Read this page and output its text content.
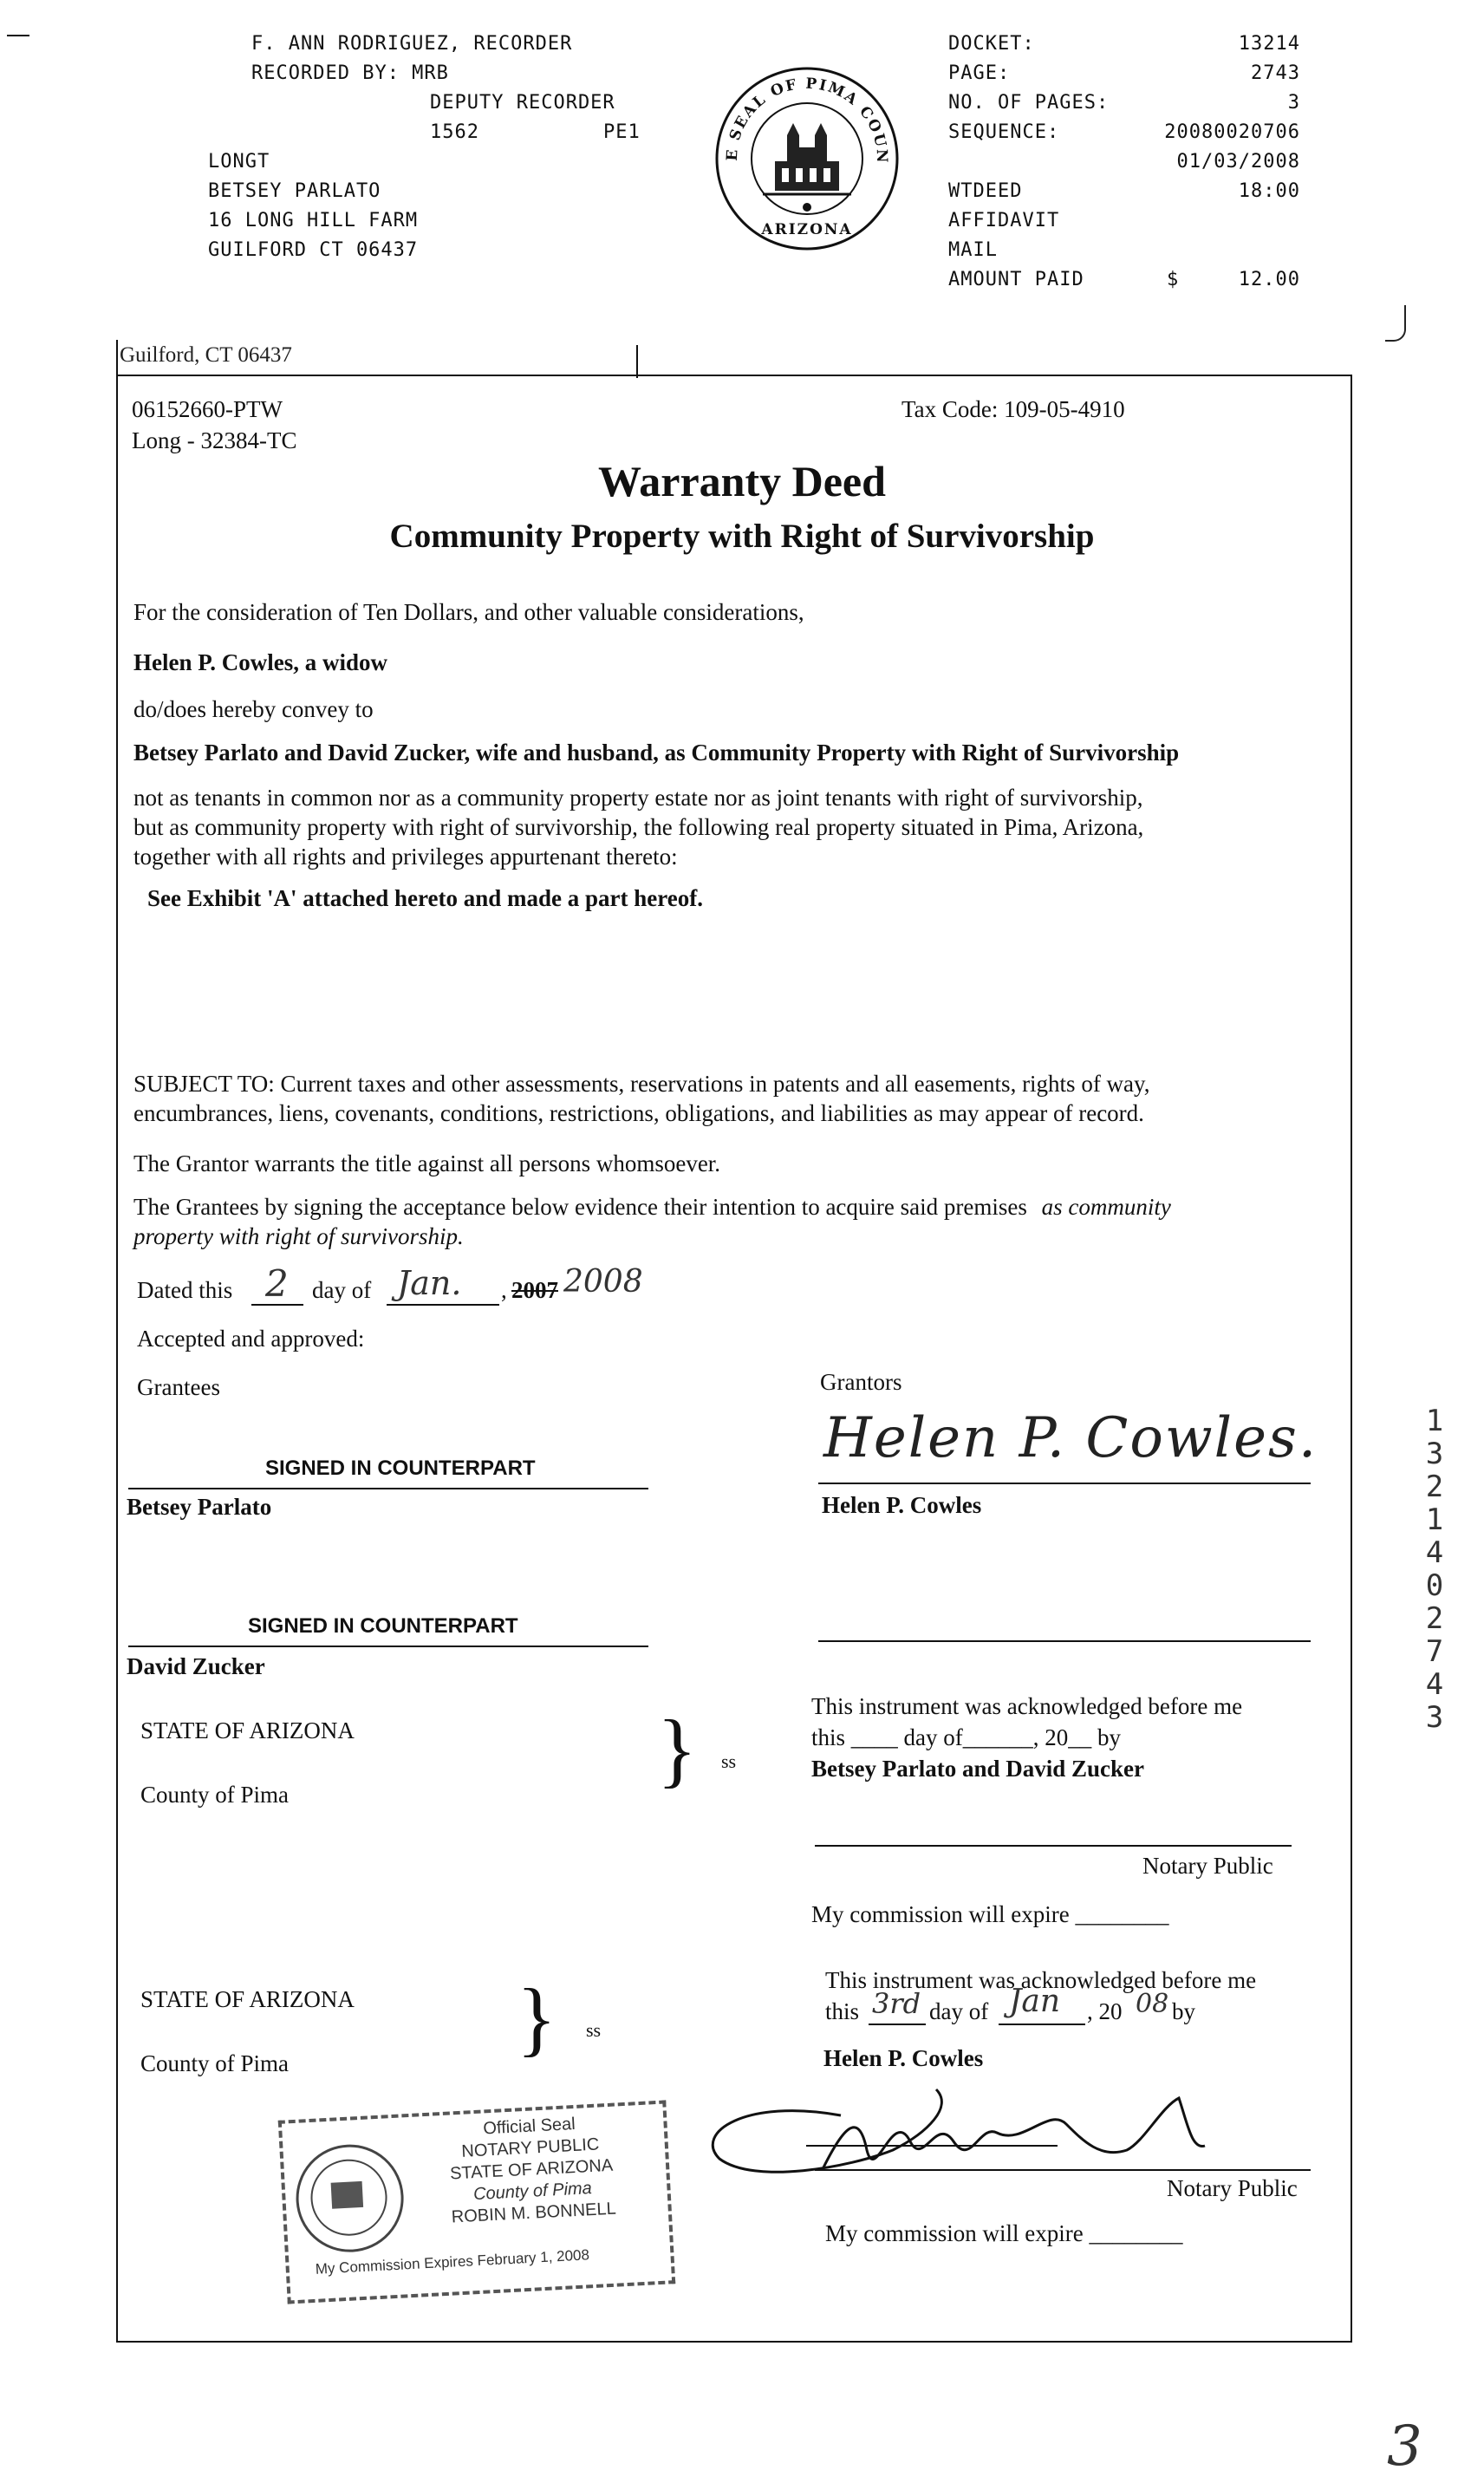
F. ANN RODRIGUEZ, RECORDER
RECORDED BY: MRB
DEPUTY RECORDER
1562	PE1
LONGT
BETSEY PARLATO
16 LONG HILL FARM
GUILFORD CT 06437
E SEAL OF PIMA COUN
ARIZONA
DOCKET:	13214
PAGE:	2743
NO. OF PAGES:	3
SEQUENCE:	20080020706
01/03/2008
WTDEED	18:00
AFFIDAVIT
MAIL
AMOUNT PAID	$	12.00
Guilford, CT 06437
06152660-PTW
Long - 32384-TC
Tax Code: 109-05-4910
Warranty Deed
Community Property with Right of Survivorship
For the consideration of Ten Dollars, and other valuable considerations,
Helen P. Cowles, a widow
do/does hereby convey to
Betsey Parlato and David Zucker, wife and husband, as Community Property with Right of Survivorship
not as tenants in common nor as a community property estate nor as joint tenants with right of survivorship,
but as community property with right of survivorship, the following real property situated in Pima, Arizona,
together with all rights and privileges appurtenant thereto:
See Exhibit 'A' attached hereto and made a part hereof.
SUBJECT TO: Current taxes and other assessments, reservations in patents and all easements, rights of way,
encumbrances, liens, covenants, conditions, restrictions, obligations, and liabilities as may appear of record.
The Grantor warrants the title against all persons whomsoever.
The Grantees by signing the acceptance below evidence their intention to acquire said premises as community
property with right of survivorship.
Dated this 2 day of Jan. , 2007 2008
Accepted and approved:
Grantees	Grantors
SIGNED IN COUNTERPART
Betsey Parlato
Helen P. Cowles.
Helen P. Cowles
SIGNED IN COUNTERPART
David Zucker
STATE OF ARIZONA
County of Pima	} ss
This instrument was acknowledged before me
this ____ day of______, 20__ by
Betsey Parlato and David Zucker
Notary Public
My commission will expire ________
STATE OF ARIZONA
County of Pima	} ss
This instrument was acknowledged before me
this 3rd day of Jan , 20 08 by
Helen P. Cowles
Notary Public
My commission will expire ________
Official Seal
NOTARY PUBLIC
STATE OF ARIZONA
County of Pima
ROBIN M. BONNELL
My Commission Expires February 1, 2008
13214 02743
3
